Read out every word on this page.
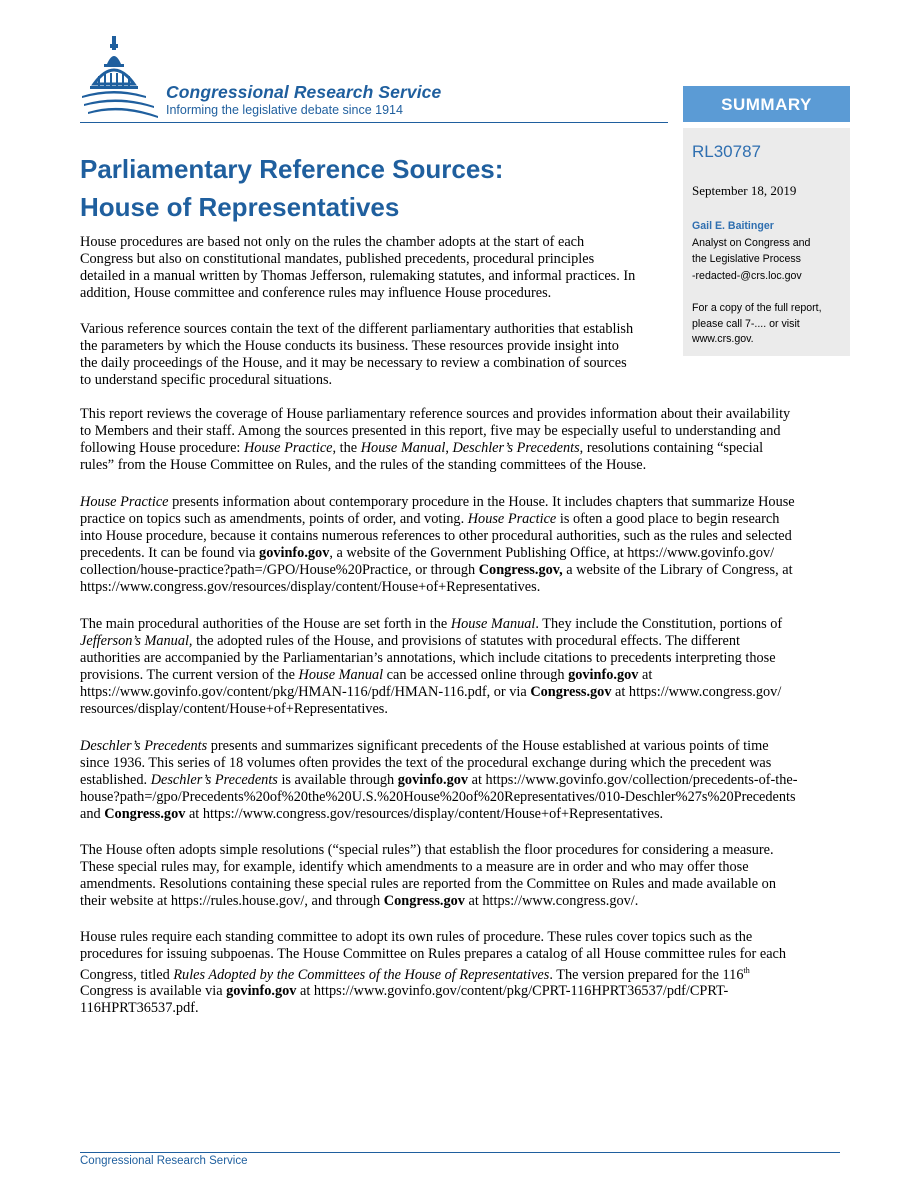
Congressional Research Service
Informing the legislative debate since 1914	SUMMARY
RL30787
September 18, 2019
Gail E. Baitinger
Analyst on Congress and
the Legislative Process
-redacted-@crs.loc.gov
For a copy of the full report,
please call 7-.... or visit
www.crs.gov.
Parliamentary Reference Sources:
House of Representatives
House procedures are based not only on the rules the chamber adopts at the start of each
Congress but also on constitutional mandates, published precedents, procedural principles
detailed in a manual written by Thomas Jefferson, rulemaking statutes, and informal practices. In
addition, House committee and conference rules may influence House procedures.
Various reference sources contain the text of the different parliamentary authorities that establish
the parameters by which the House conducts its business. These resources provide insight into
the daily proceedings of the House, and it may be necessary to review a combination of sources
to understand specific procedural situations.
This report reviews the coverage of House parliamentary reference sources and provides information about their availability
to Members and their staff. Among the sources presented in this report, five may be especially useful to understanding and
following House procedure: House Practice, the House Manual, Deschler’s Precedents, resolutions containing “special
rules” from the House Committee on Rules, and the rules of the standing committees of the House.
House Practice presents information about contemporary procedure in the House. It includes chapters that summarize House
practice on topics such as amendments, points of order, and voting. House Practice is often a good place to begin research
into House procedure, because it contains numerous references to other procedural authorities, such as the rules and selected
precedents. It can be found via govinfo.gov, a website of the Government Publishing Office, at https://www.govinfo.gov/
collection/house-practice?path=/GPO/House%20Practice, or through Congress.gov, a website of the Library of Congress, at
https://www.congress.gov/resources/display/content/House+of+Representatives.
The main procedural authorities of the House are set forth in the House Manual. They include the Constitution, portions of
Jefferson’s Manual, the adopted rules of the House, and provisions of statutes with procedural effects. The different
authorities are accompanied by the Parliamentarian’s annotations, which include citations to precedents interpreting those
provisions. The current version of the House Manual can be accessed online through govinfo.gov at
https://www.govinfo.gov/content/pkg/HMAN-116/pdf/HMAN-116.pdf, or via Congress.gov at https://www.congress.gov/
resources/display/content/House+of+Representatives.
Deschler’s Precedents presents and summarizes significant precedents of the House established at various points of time
since 1936. This series of 18 volumes often provides the text of the procedural exchange during which the precedent was
established. Deschler’s Precedents is available through govinfo.gov at https://www.govinfo.gov/collection/precedents-of-the-
house?path=/gpo/Precedents%20of%20the%20U.S.%20House%20of%20Representatives/010-Deschler%27s%20Precedents
and Congress.gov at https://www.congress.gov/resources/display/content/House+of+Representatives.
The House often adopts simple resolutions (“special rules”) that establish the floor procedures for considering a measure.
These special rules may, for example, identify which amendments to a measure are in order and who may offer those
amendments. Resolutions containing these special rules are reported from the Committee on Rules and made available on
their website at https://rules.house.gov/, and through Congress.gov at https://www.congress.gov/.
House rules require each standing committee to adopt its own rules of procedure. These rules cover topics such as the
procedures for issuing subpoenas. The House Committee on Rules prepares a catalog of all House committee rules for each
Congress, titled Rules Adopted by the Committees of the House of Representatives. The version prepared for the 116th
Congress is available via govinfo.gov at https://www.govinfo.gov/content/pkg/CPRT-116HPRT36537/pdf/CPRT-
116HPRT36537.pdf.
Congressional Research Service
